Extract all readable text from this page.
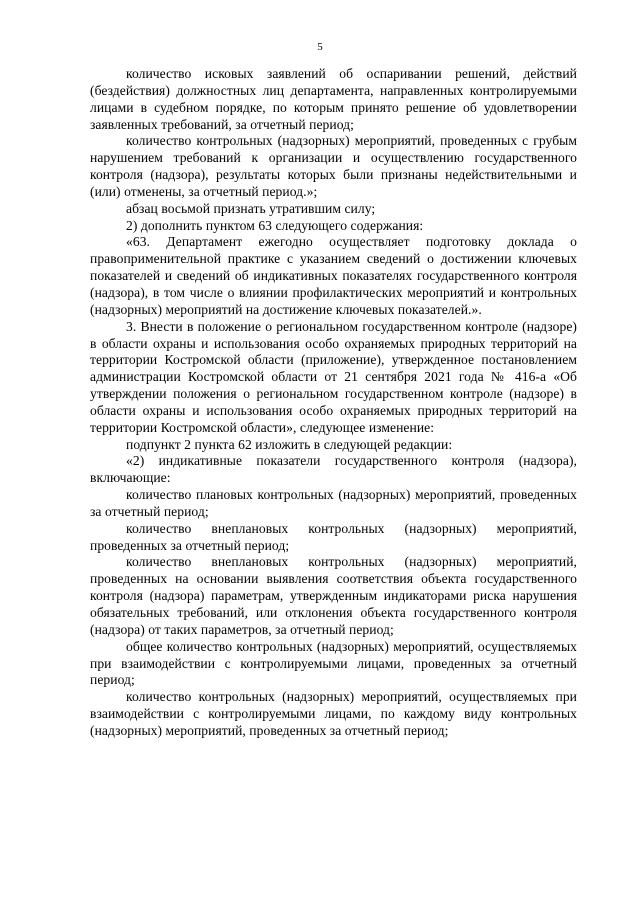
5

количество исковых заявлений об оспаривании решений, действий (бездействия) должностных лиц департамента, направленных контролируемыми лицами в судебном порядке, по которым принято решение об удовлетворении заявленных требований, за отчетный период;

количество контрольных (надзорных) мероприятий, проведенных с грубым нарушением требований к организации и осуществлению государственного контроля (надзора), результаты которых были признаны недействительными и (или) отменены, за отчетный период.»;

абзац восьмой признать утратившим силу;

2) дополнить пунктом 63 следующего содержания:

«63. Департамент ежегодно осуществляет подготовку доклада о правоприменительной практике с указанием сведений о достижении ключевых показателей и сведений об индикативных показателях государственного контроля (надзора), в том числе о влиянии профилактических мероприятий и контрольных (надзорных) мероприятий на достижение ключевых показателей.».

3. Внести в положение о региональном государственном контроле (надзоре) в области охраны и использования особо охраняемых природных территорий на территории Костромской области (приложение), утвержденное постановлением администрации Костромской области от 21 сентября 2021 года № 416-а «Об утверждении положения о региональном государственном контроле (надзоре) в области охраны и использования особо охраняемых природных территорий на территории Костромской области», следующее изменение:

подпункт 2 пункта 62 изложить в следующей редакции:

«2) индикативные показатели государственного контроля (надзора), включающие:

количество плановых контрольных (надзорных) мероприятий, проведенных за отчетный период;

количество внеплановых контрольных (надзорных) мероприятий, проведенных за отчетный период;

количество внеплановых контрольных (надзорных) мероприятий, проведенных на основании выявления соответствия объекта государственного контроля (надзора) параметрам, утвержденным индикаторами риска нарушения обязательных требований, или отклонения объекта государственного контроля (надзора) от таких параметров, за отчетный период;

общее количество контрольных (надзорных) мероприятий, осуществляемых при взаимодействии с контролируемыми лицами, проведенных за отчетный период;

количество контрольных (надзорных) мероприятий, осуществляемых при взаимодействии с контролируемыми лицами, по каждому виду контрольных (надзорных) мероприятий, проведенных за отчетный период;
